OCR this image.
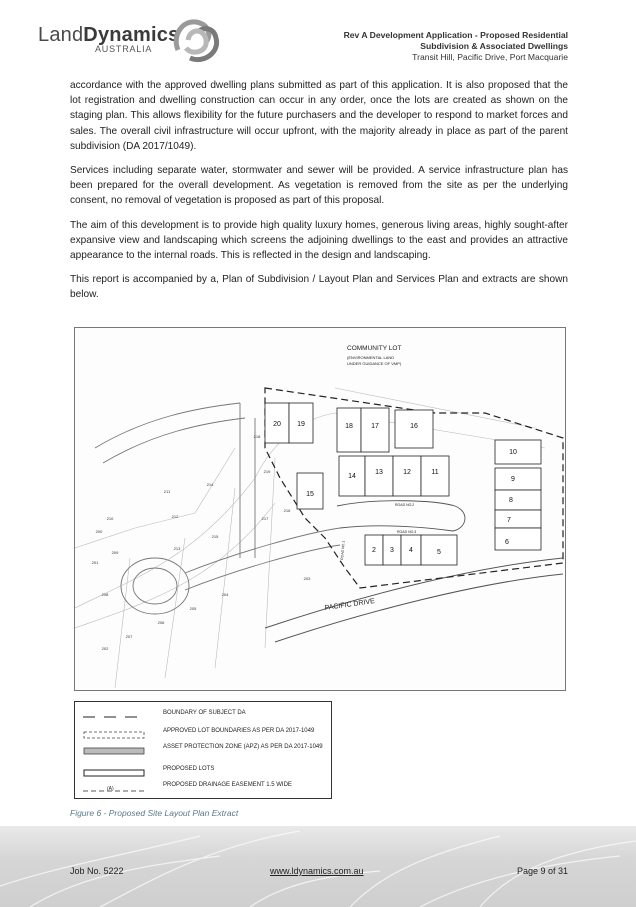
LandDynamics
AUSTRALIA
Rev A Development Application - Proposed Residential
Subdivision & Associated Dwellings
Transit Hill, Pacific Drive, Port Macquarie

accordance with the approved dwelling plans submitted as part of this application. It is also proposed that the lot registration and dwelling construction can occur in any order, once the lots are created as shown on the staging plan. This allows flexibility for the future purchasers and the developer to respond to market forces and sales. The overall civil infrastructure will occur upfront, with the majority already in place as part of the parent subdivision (DA 2017/1049).

Services including separate water, stormwater and sewer will be provided. A service infrastructure plan has been prepared for the overall development. As vegetation is removed from the site as per the underlying consent, no removal of vegetation is proposed as part of this proposal.

The aim of this development is to provide high quality luxury homes, generous living areas, highly sought-after expansive view and landscaping which screens the adjoining dwellings to the east and provides an attractive appearance to the internal roads. This is reflected in the design and landscaping.

This report is accompanied by a, Plan of Subdivision / Layout Plan and Services Plan and extracts are shown below.

COMMUNITY LOT
(ENVIRONMENTAL LAND
UNDER GUIDANCE OF VMP)
PACIFIC DRIVE
ROAD NO.2
ROAD NO.3
ROAD NO.1
20 19	18	17	16
15
14
13	12	11
2 3 4	5
10
9
8
7
6
218
219
216
217
214
215
213
212
211
210
209
208
207
206
205
204
203
202
201
200
BOUNDARY OF SUBJECT DA
APPROVED LOT BOUNDARIES AS PER DA 2017-1049
ASSET PROTECTION ZONE (APZ) AS PER DA 2017-1049
PROPOSED LOTS
(A)
PROPOSED DRAINAGE EASEMENT 1.5 WIDE
Figure 6 - Proposed Site Layout Plan Extract
Job No. 5222	www.ldynamics.com.au	Page 9 of 31
